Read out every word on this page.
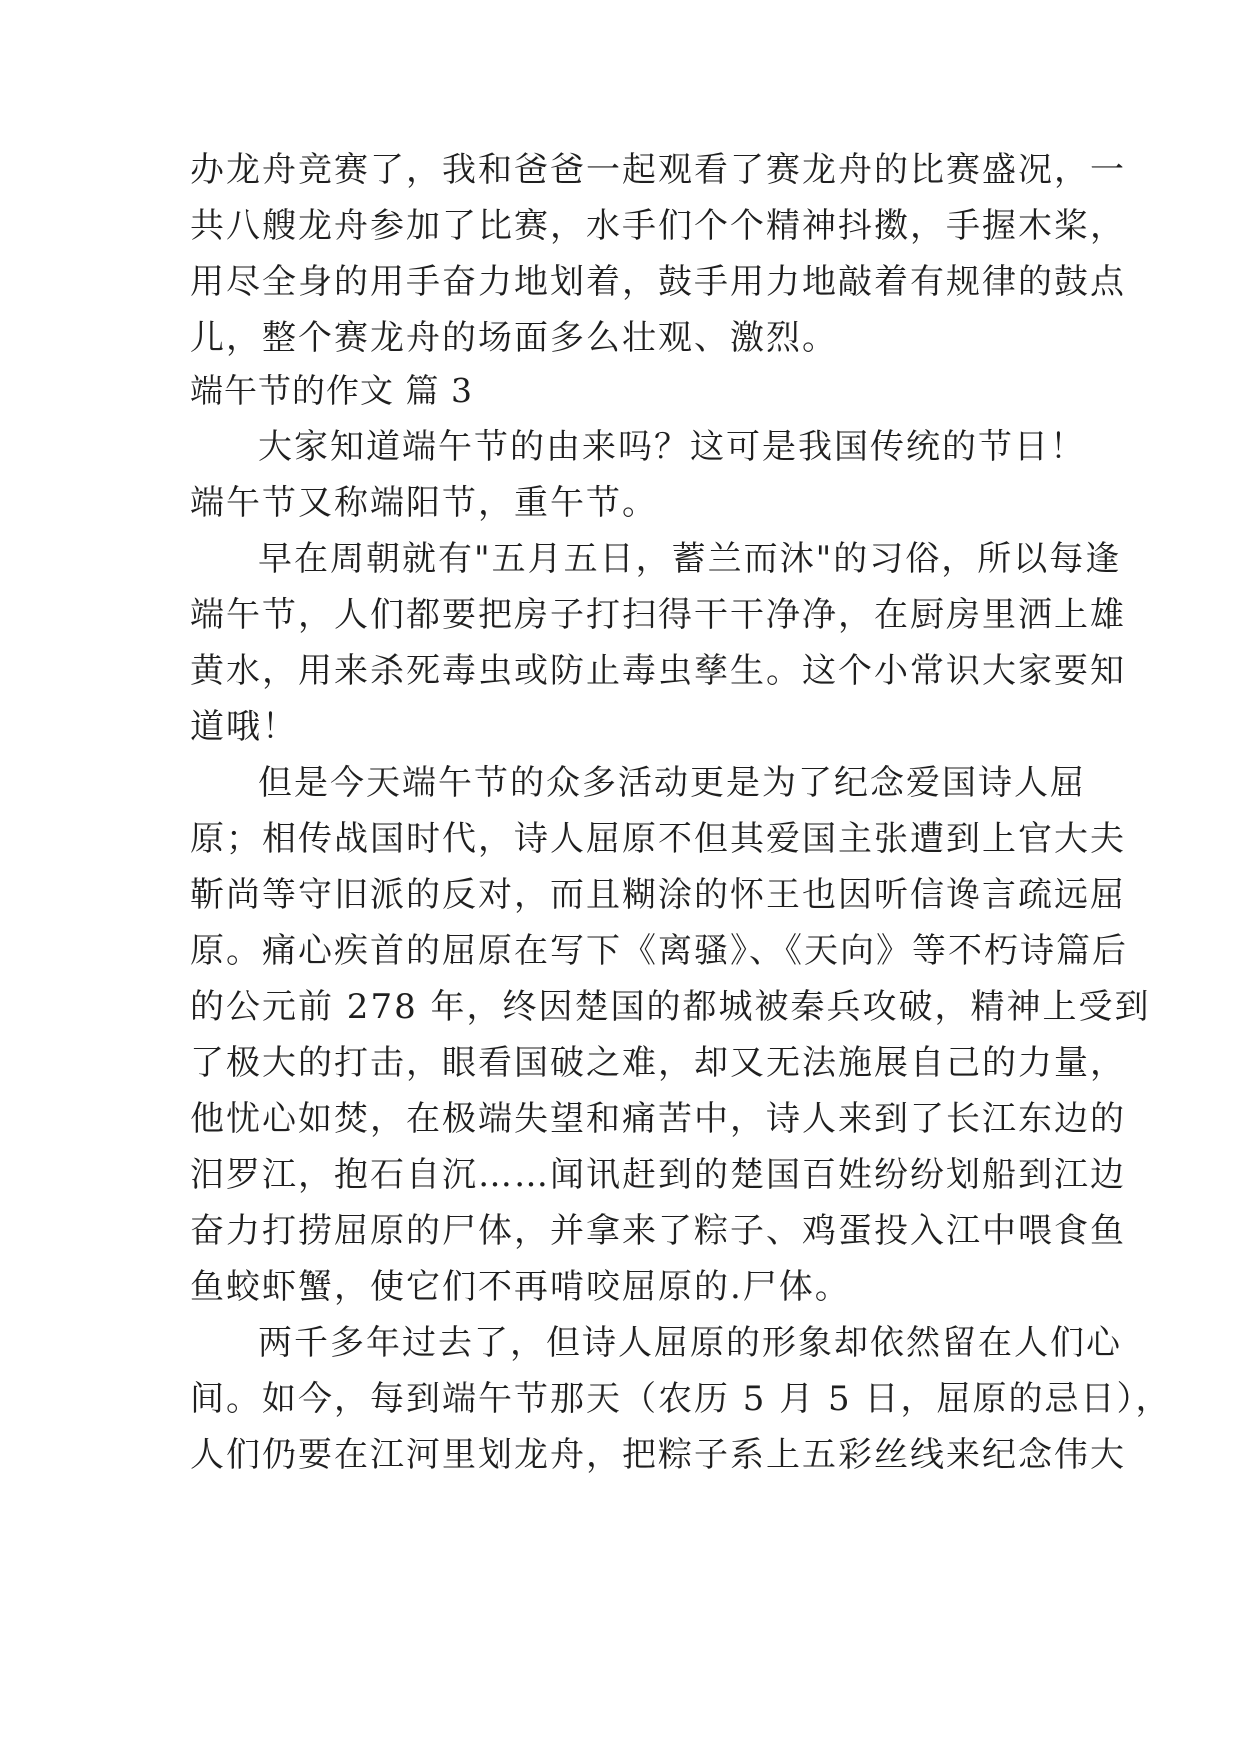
办龙舟竞赛了，我和爸爸一起观看了赛龙舟的比赛盛况，一
共八艘龙舟参加了比赛，水手们个个精神抖擞，手握木桨，
用尽全身的用手奋力地划着，鼓手用力地敲着有规律的鼓点
儿，整个赛龙舟的场面多么壮观、激烈。
端午节的作文 篇 3
大家知道端午节的由来吗？这可是我国传统的节日！
端午节又称端阳节，重午节。
早在周朝就有"五月五日，蓄兰而沐"的习俗，所以每逢
端午节，人们都要把房子打扫得干干净净，在厨房里洒上雄
黄水，用来杀死毒虫或防止毒虫孳生。这个小常识大家要知
道哦！
但是今天端午节的众多活动更是为了纪念爱国诗人屈
原；相传战国时代，诗人屈原不但其爱国主张遭到上官大夫
靳尚等守旧派的反对，而且糊涂的怀王也因听信谗言疏远屈
原。痛心疾首的屈原在写下《离骚》、《天向》等不朽诗篇后
的公元前 278 年，终因楚国的都城被秦兵攻破，精神上受到
了极大的打击，眼看国破之难，却又无法施展自己的力量，
他忧心如焚，在极端失望和痛苦中，诗人来到了长江东边的
汨罗江，抱石自沉……闻讯赶到的楚国百姓纷纷划船到江边
奋力打捞屈原的尸体，并拿来了粽子、鸡蛋投入江中喂食鱼
鱼蛟虾蟹，使它们不再啃咬屈原的.尸体。
两千多年过去了，但诗人屈原的形象却依然留在人们心
间。如今，每到端午节那天（农历 5 月 5 日，屈原的忌日），
人们仍要在江河里划龙舟，把粽子系上五彩丝线来纪念伟大
